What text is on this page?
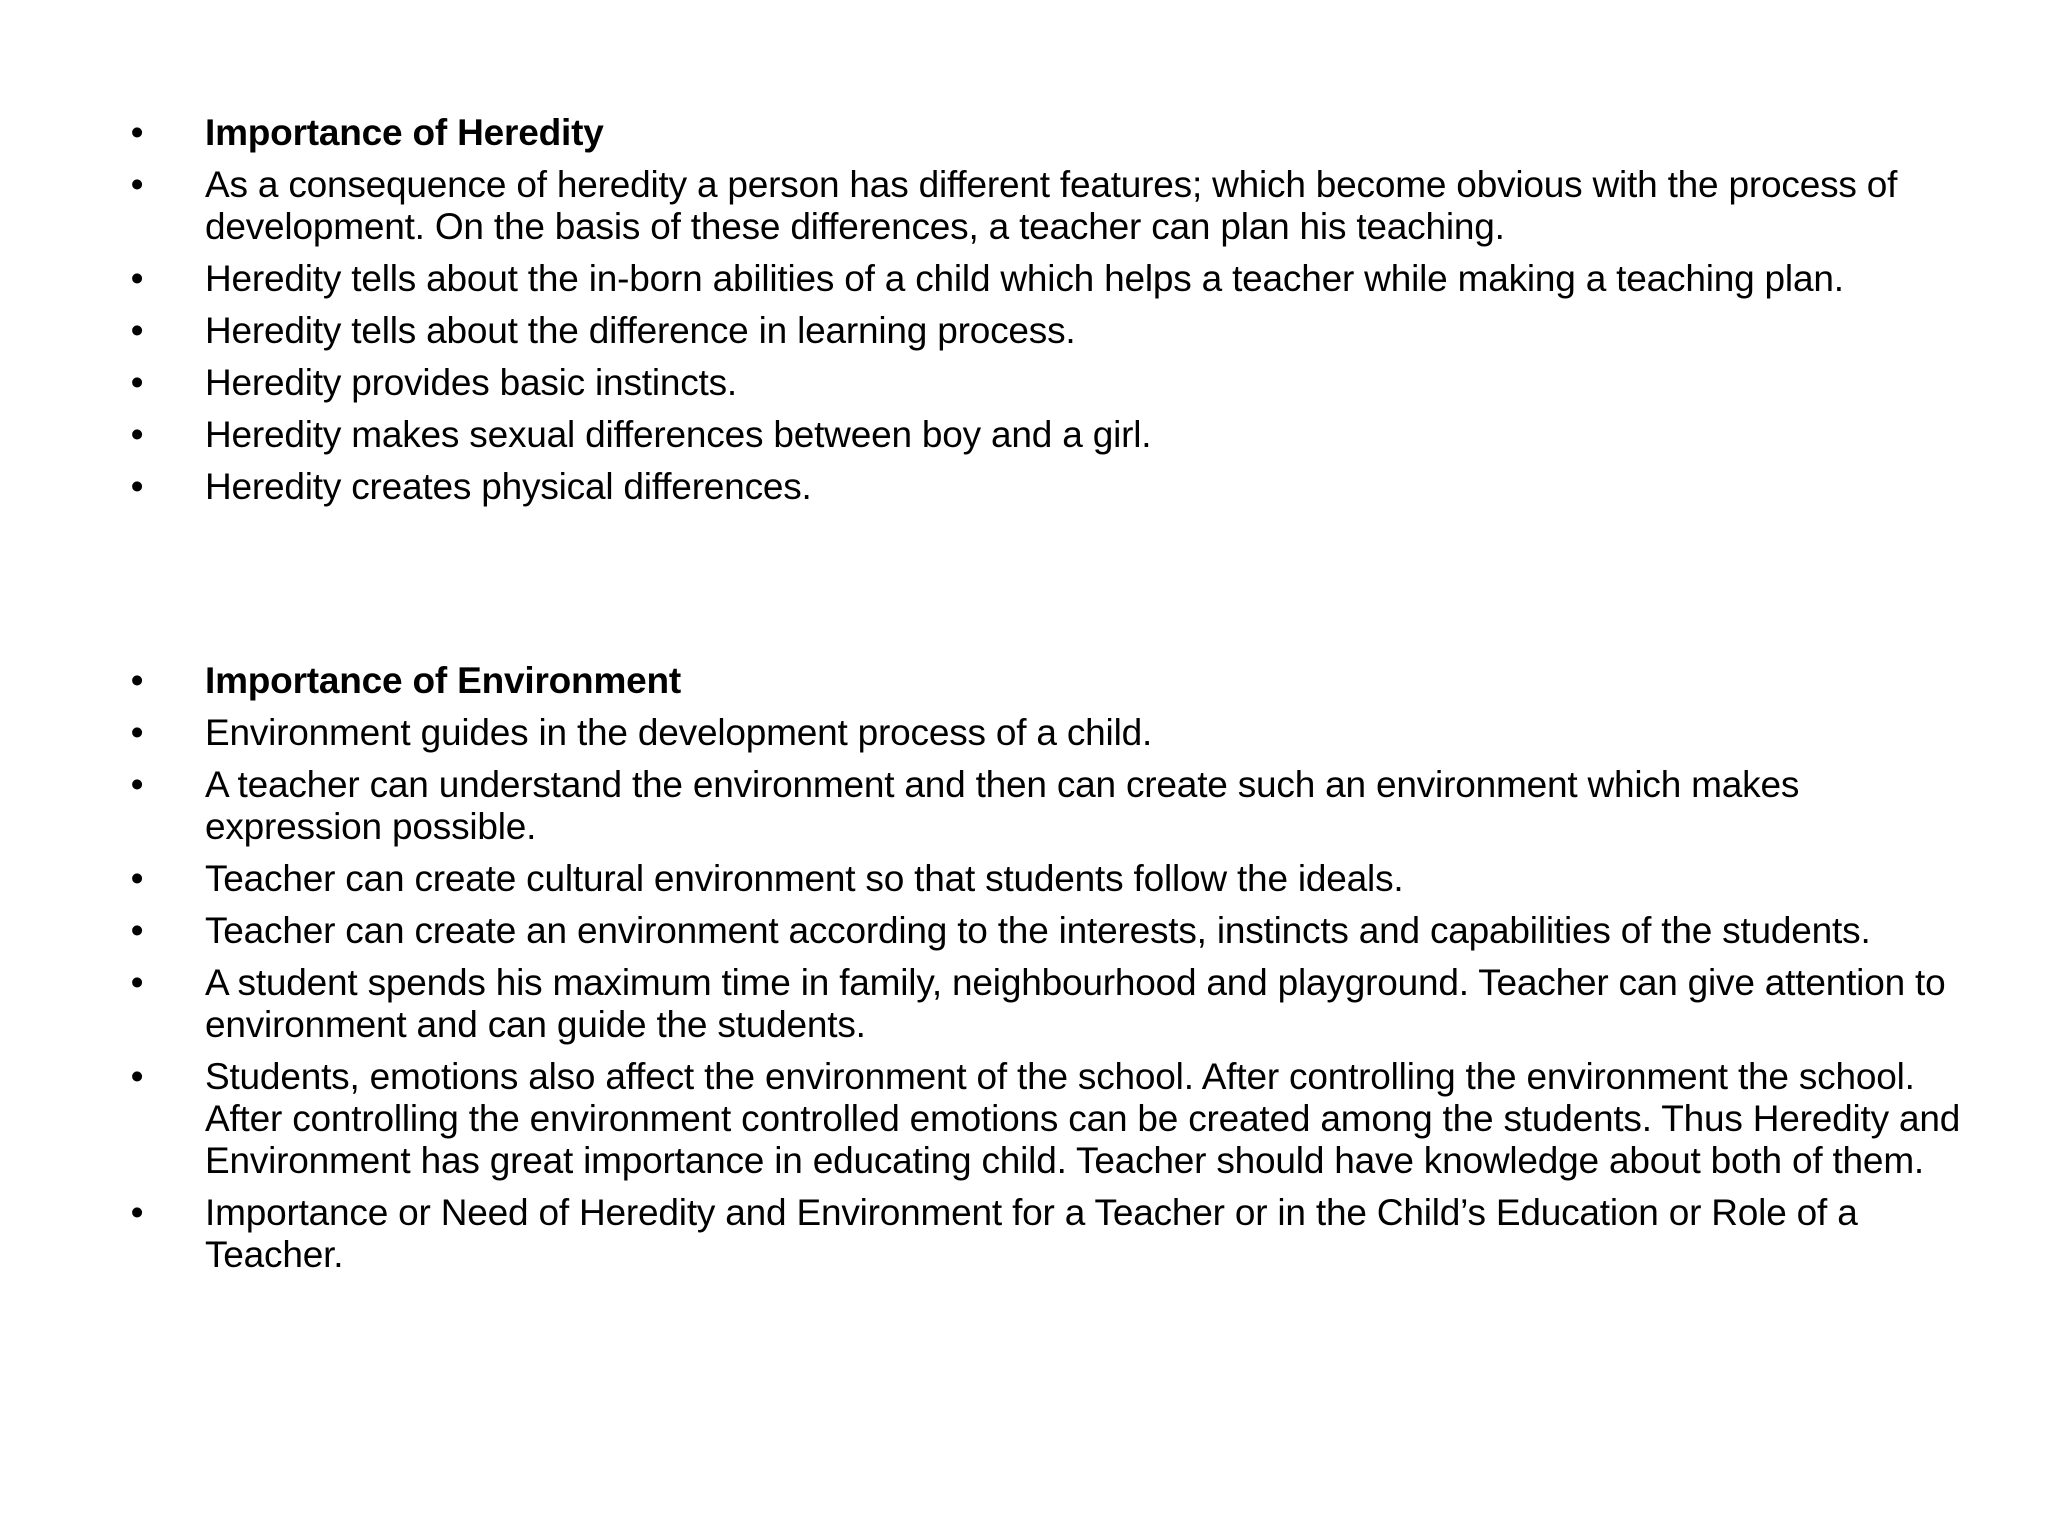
• Importance of Heredity
• As a consequence of heredity a person has different features; which become obvious with the process of development. On the basis of these differences, a teacher can plan his teaching.
• Heredity tells about the in-born abilities of a child which helps a teacher while making a teaching plan.
• Heredity tells about the difference in learning process.
• Heredity provides basic instincts.
• Heredity makes sexual differences between boy and a girl.
• Heredity creates physical differences.
• Importance of Environment
• Environment guides in the development process of a child.
• A teacher can understand the environment and then can create such an environment which makes expression possible.
• Teacher can create cultural environment so that students follow the ideals.
• Teacher can create an environment according to the interests, instincts and capabilities of the students.
• A student spends his maximum time in family, neighbourhood and playground. Teacher can give attention to environment and can guide the students.
• Students, emotions also affect the environment of the school. After controlling the environment the school. After controlling the environment controlled emotions can be created among the students. Thus Heredity and Environment has great importance in educating child. Teacher should have knowledge about both of them.
• Importance or Need of Heredity and Environment for a Teacher or in the Child’s Education or Role of a Teacher.
